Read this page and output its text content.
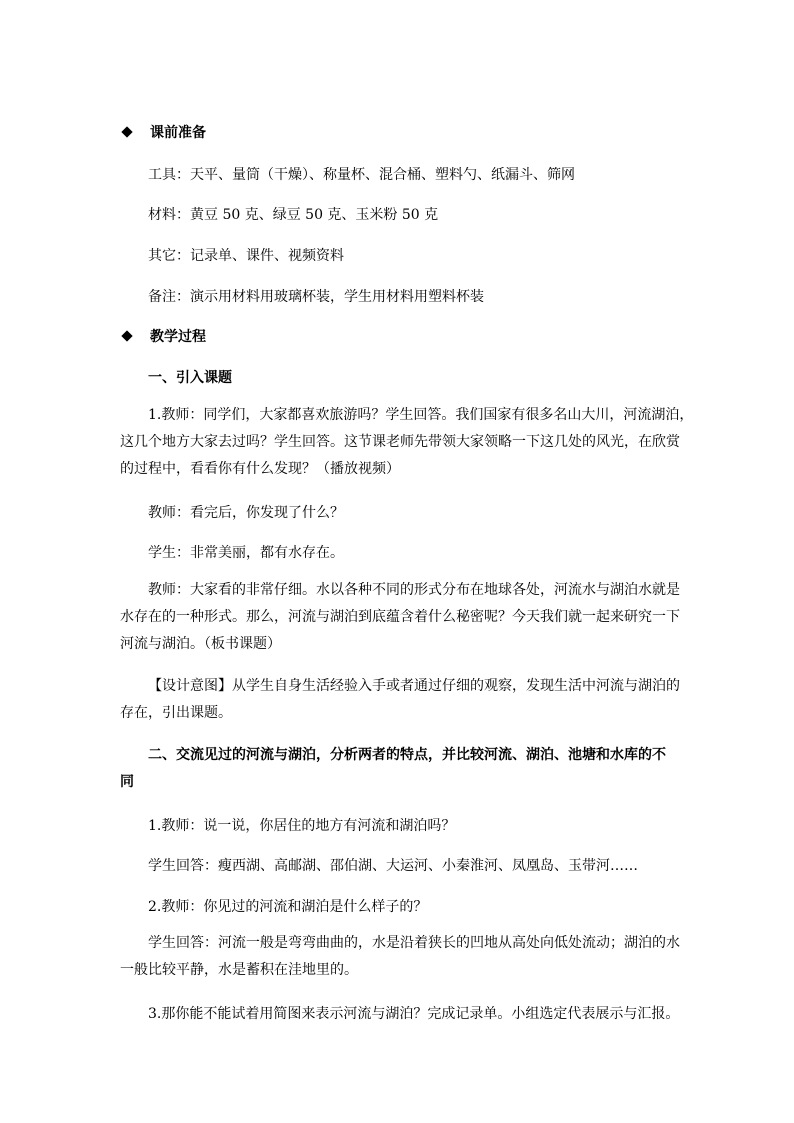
课前准备
工具：天平、量筒（干燥）、称量杯、混合桶、塑料勺、纸漏斗、筛网
材料：黄豆 50 克、绿豆 50 克、玉米粉 50 克
其它：记录单、课件、视频资料
备注：演示用材料用玻璃杯装，学生用材料用塑料杯装
教学过程
一、引入课题
1.教师：同学们，大家都喜欢旅游吗？学生回答。我们国家有很多名山大川，河流湖泊，
这几个地方大家去过吗？学生回答。这节课老师先带领大家领略一下这几处的风光，在欣赏
的过程中，看看你有什么发现？（播放视频）
教师：看完后，你发现了什么？
学生：非常美丽，都有水存在。
教师：大家看的非常仔细。水以各种不同的形式分布在地球各处，河流水与湖泊水就是
水存在的一种形式。那么，河流与湖泊到底蕴含着什么秘密呢？今天我们就一起来研究一下
河流与湖泊。（板书课题）
【设计意图】从学生自身生活经验入手或者通过仔细的观察，发现生活中河流与湖泊的
存在，引出课题。
二、交流见过的河流与湖泊，分析两者的特点，并比较河流、湖泊、池塘和水库的不
同
1.教师：说一说，你居住的地方有河流和湖泊吗？
学生回答：瘦西湖、高邮湖、邵伯湖、大运河、小秦淮河、凤凰岛、玉带河……
2.教师：你见过的河流和湖泊是什么样子的？
学生回答：河流一般是弯弯曲曲的，水是沿着狭长的凹地从高处向低处流动；湖泊的水
一般比较平静，水是蓄积在洼地里的。
3.那你能不能试着用简图来表示河流与湖泊？完成记录单。小组选定代表展示与汇报。
